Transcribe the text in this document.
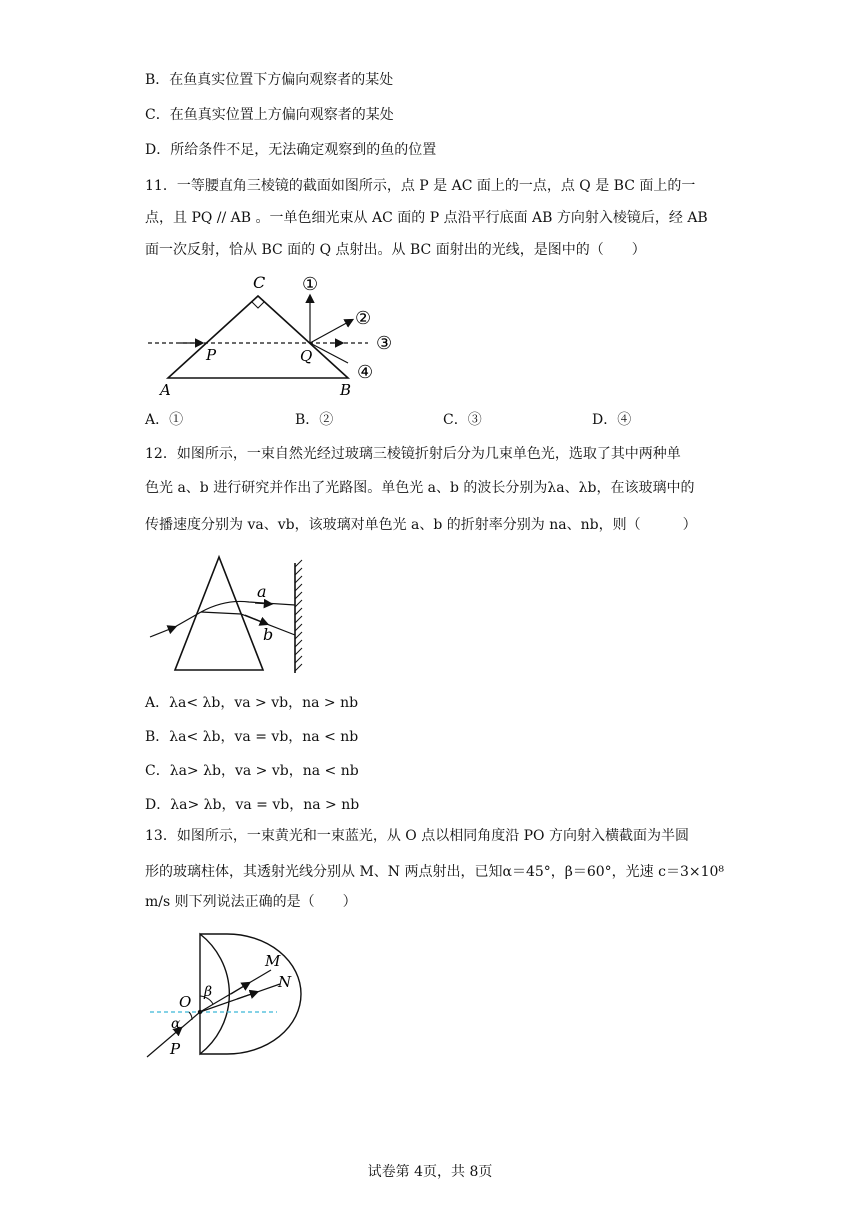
B．在鱼真实位置下方偏向观察者的某处
C．在鱼真实位置上方偏向观察者的某处
D．所给条件不足，无法确定观察到的鱼的位置
11．一等腰直角三棱镜的截面如图所示，点 P 是 AC 面上的一点，点 Q 是 BC 面上的一
点，且 PQ // AB 。一单色细光束从 AC 面的 P 点沿平行底面 AB 方向射入棱镜后，经 AB
面一次反射，恰从 BC 面的 Q 点射出。从 BC 面射出的光线，是图中的（　　）
C
P	Q
A	B
①
②
③
④
A．①	B．②	C．③	D．④
12．如图所示，一束自然光经过玻璃三棱镜折射后分为几束单色光，选取了其中两种单
色光 a、b 进行研究并作出了光路图。单色光 a、b 的波长分别为λa、λb，在该玻璃中的
传播速度分别为 va、vb，该玻璃对单色光 a、b 的折射率分别为 na、nb，则（　　　）
a
b
A．λa< λb，va > vb，na > nb
B．λa< λb，va = vb，na < nb
C．λa> λb，va > vb，na < nb
D．λa> λb，va = vb，na > nb
13．如图所示，一束黄光和一束蓝光，从 O 点以相同角度沿 PO 方向射入横截面为半圆
形的玻璃柱体，其透射光线分别从 M、N 两点射出，已知α＝45°，β＝60°，光速 c＝3×10⁸
m/s 则下列说法正确的是（　　）
M
N
O
β
α
P
试卷第 4页，共 8页
